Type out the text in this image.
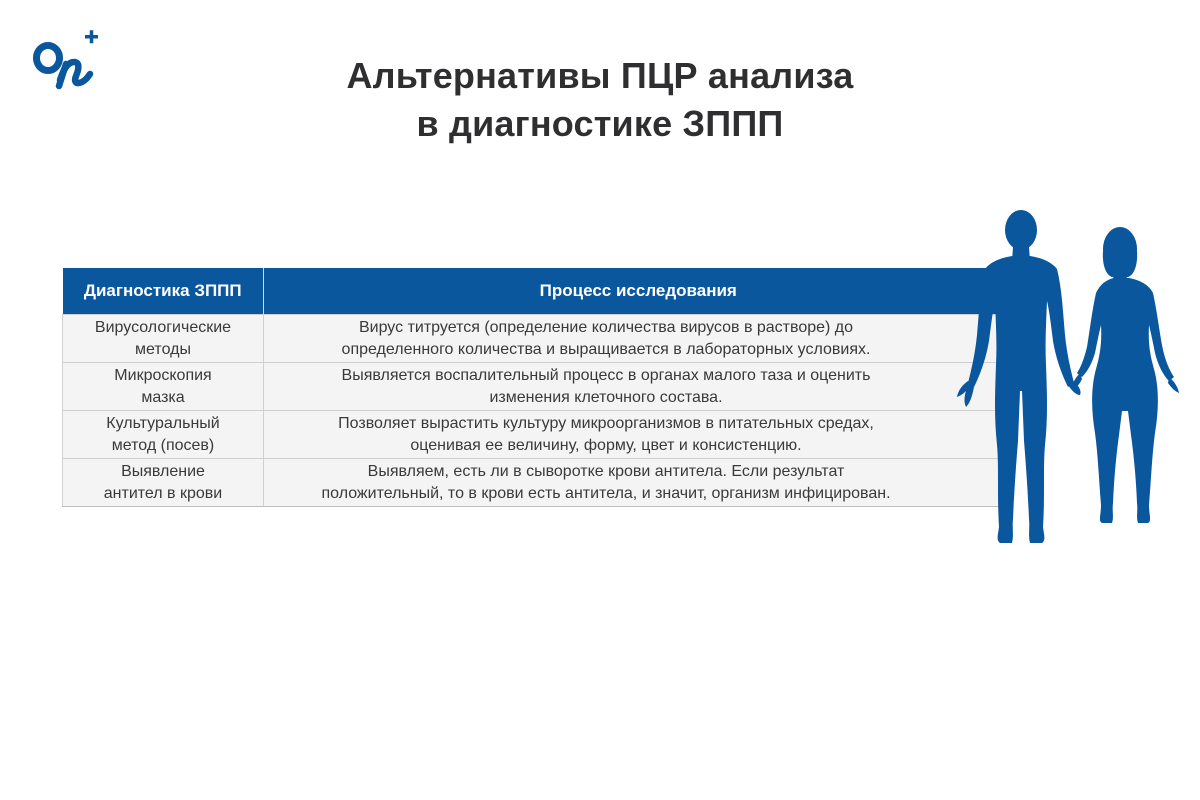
Альтернативы ПЦР анализа
в диагностике ЗППП
Диагностика ЗППП	Процесс исследования

Вирусологические
методы	Вирус титруется (определение количества вирусов в растворе) до
определенного количества и выращивается в лабораторных условиях.

Микроскопия
мазка	Выявляется воспалительный процесс в органах малого таза и оценить
изменения клеточного состава.

Культуральный
метод (посев)	Позволяет вырастить культуру микроорганизмов в питательных средах,
оценивая ее величину, форму, цвет и консистенцию.

Выявление
антител в крови	Выявляем, есть ли в сыворотке крови антитела. Если результат
положительный, то в крови есть антитела, и значит, организм инфицирован.
